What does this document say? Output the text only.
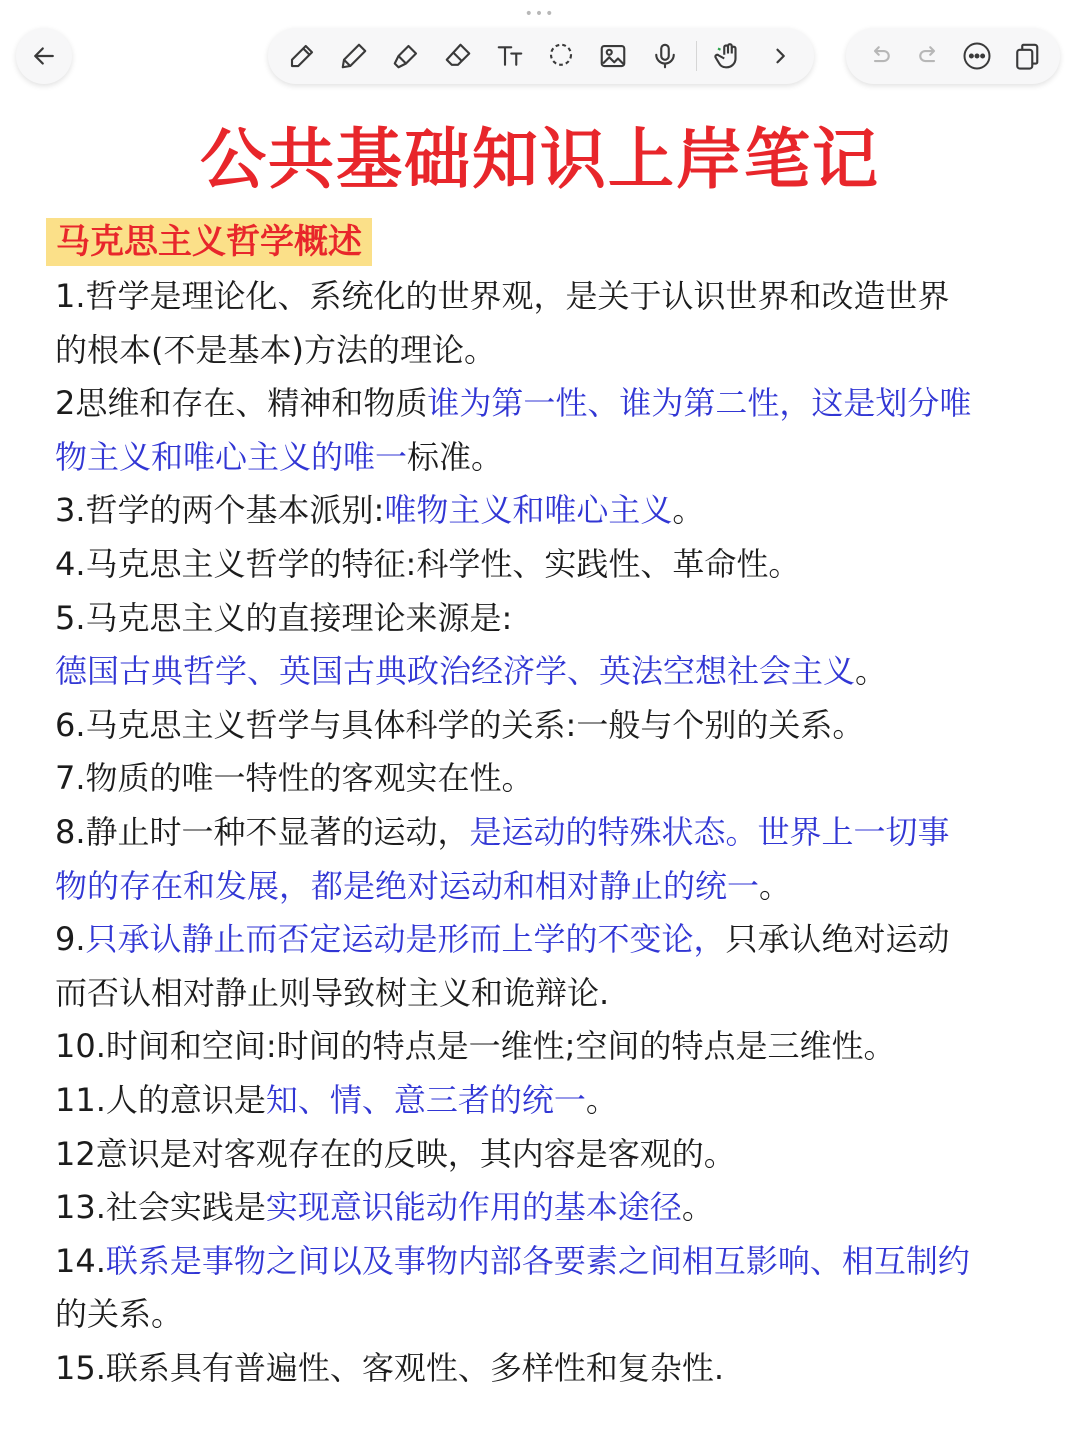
•••
公共基础知识上岸笔记
马克思主义哲学概述
1.哲学是理论化、系统化的世界观，是关于认识世界和改造世界
的根本(不是基本)方法的理论。
2思维和存在、精神和物质谁为第一性、谁为第二性，这是划分唯
物主义和唯心主义的唯一标准。
3.哲学的两个基本派别:唯物主义和唯心主义。
4.马克思主义哲学的特征:科学性、实践性、革命性。
5.马克思主义的直接理论来源是:
德国古典哲学、英国古典政治经济学、英法空想社会主义。
6.马克思主义哲学与具体科学的关系:一般与个别的关系。
7.物质的唯一特性的客观实在性。
8.静止时一种不显著的运动，是运动的特殊状态。世界上一切事
物的存在和发展，都是绝对运动和相对静止的统一。
9.只承认静止而否定运动是形而上学的不变论，只承认绝对运动
而否认相对静止则导致树主义和诡辩论.
10.时间和空间:时间的特点是一维性;空间的特点是三维性。
11.人的意识是知、情、意三者的统一。
12意识是对客观存在的反映，其内容是客观的。
13.社会实践是实现意识能动作用的基本途径。
14.联系是事物之间以及事物内部各要素之间相互影响、相互制约
的关系。
15.联系具有普遍性、客观性、多样性和复杂性.
